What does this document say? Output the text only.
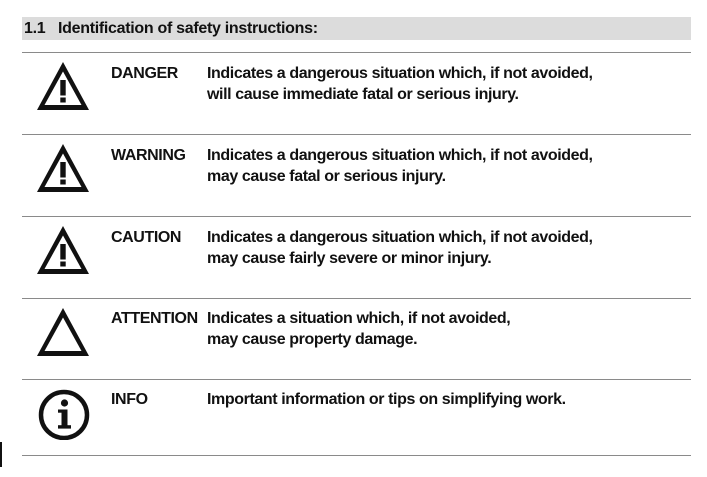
1.1 Identification of safety instructions:
DANGER Indicates a dangerous situation which, if not avoided,
will cause immediate fatal or serious injury.
WARNING Indicates a dangerous situation which, if not avoided,
may cause fatal or serious injury.
CAUTION Indicates a dangerous situation which, if not avoided,
may cause fairly severe or minor injury.
ATTENTION Indicates a situation which, if not avoided,
may cause property damage.
INFO	Important information or tips on simplifying work.
